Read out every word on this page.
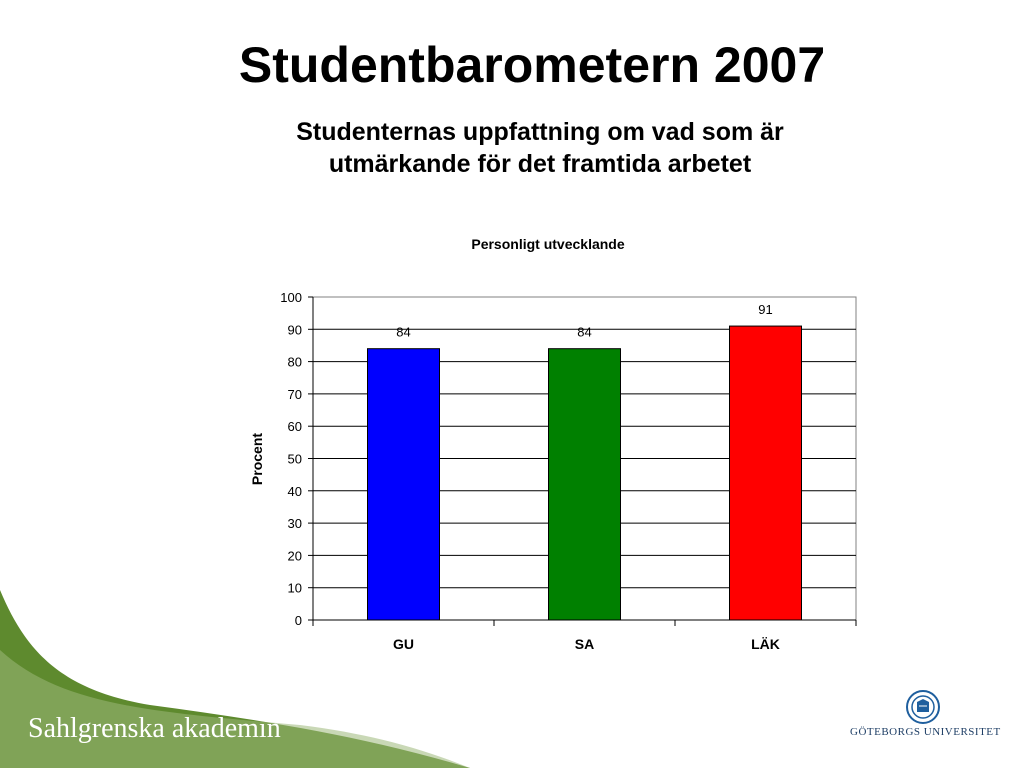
Personligt utvecklande
Procent
0
10
20
30
40
50
60
70
80
90
100
84	84
91
GU	SA	LÄK
Studentbarometern 2007
Studenternas uppfattning om vad som är
utmärkande för det framtida arbetet
Sahlgrenska akademin	GÖTEBORGS UNIVERSITET
